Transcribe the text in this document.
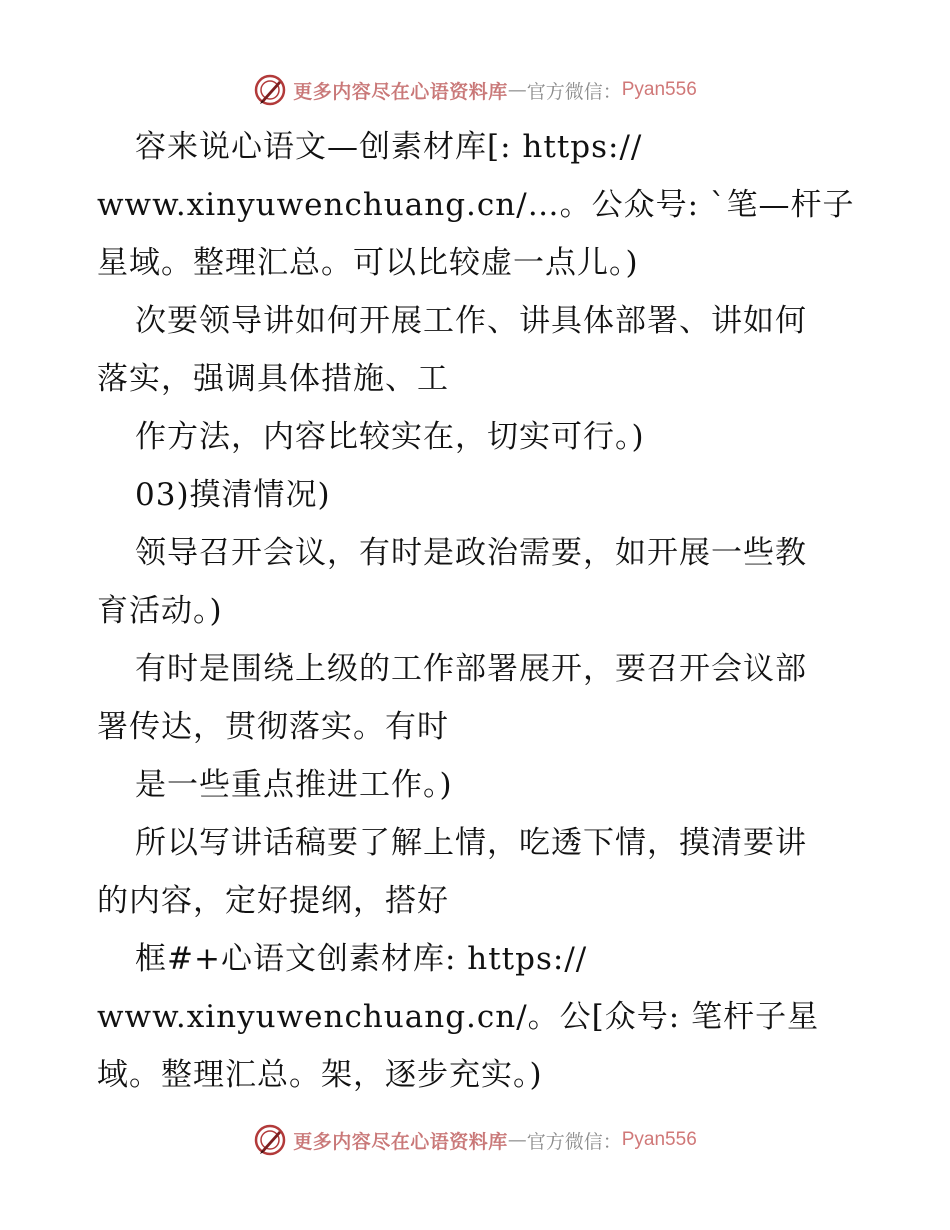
更多内容尽在心语资料库 — 官方微信： Pyan556
容来说心语文—创素材库[: https://
www.xinyuwenchuang.cn/…。公众号: `笔—杆子
星域。整理汇总。可以比较虚一点儿。)
次要领导讲如何开展工作、讲具体部署、讲如何
落实，强调具体措施、工
作方法，内容比较实在，切实可行。)
03)摸清情况)
领导召开会议，有时是政治需要，如开展一些教
育活动。)
有时是围绕上级的工作部署展开，要召开会议部
署传达，贯彻落实。有时
是一些重点推进工作。)
所以写讲话稿要了解上情，吃透下情，摸清要讲
的内容，定好提纲，搭好
框#+心语文创素材库: https://
www.xinyuwenchuang.cn/。公[众号: 笔杆子星
域。整理汇总。架，逐步充实。)
更多内容尽在心语资料库 — 官方微信： Pyan556
